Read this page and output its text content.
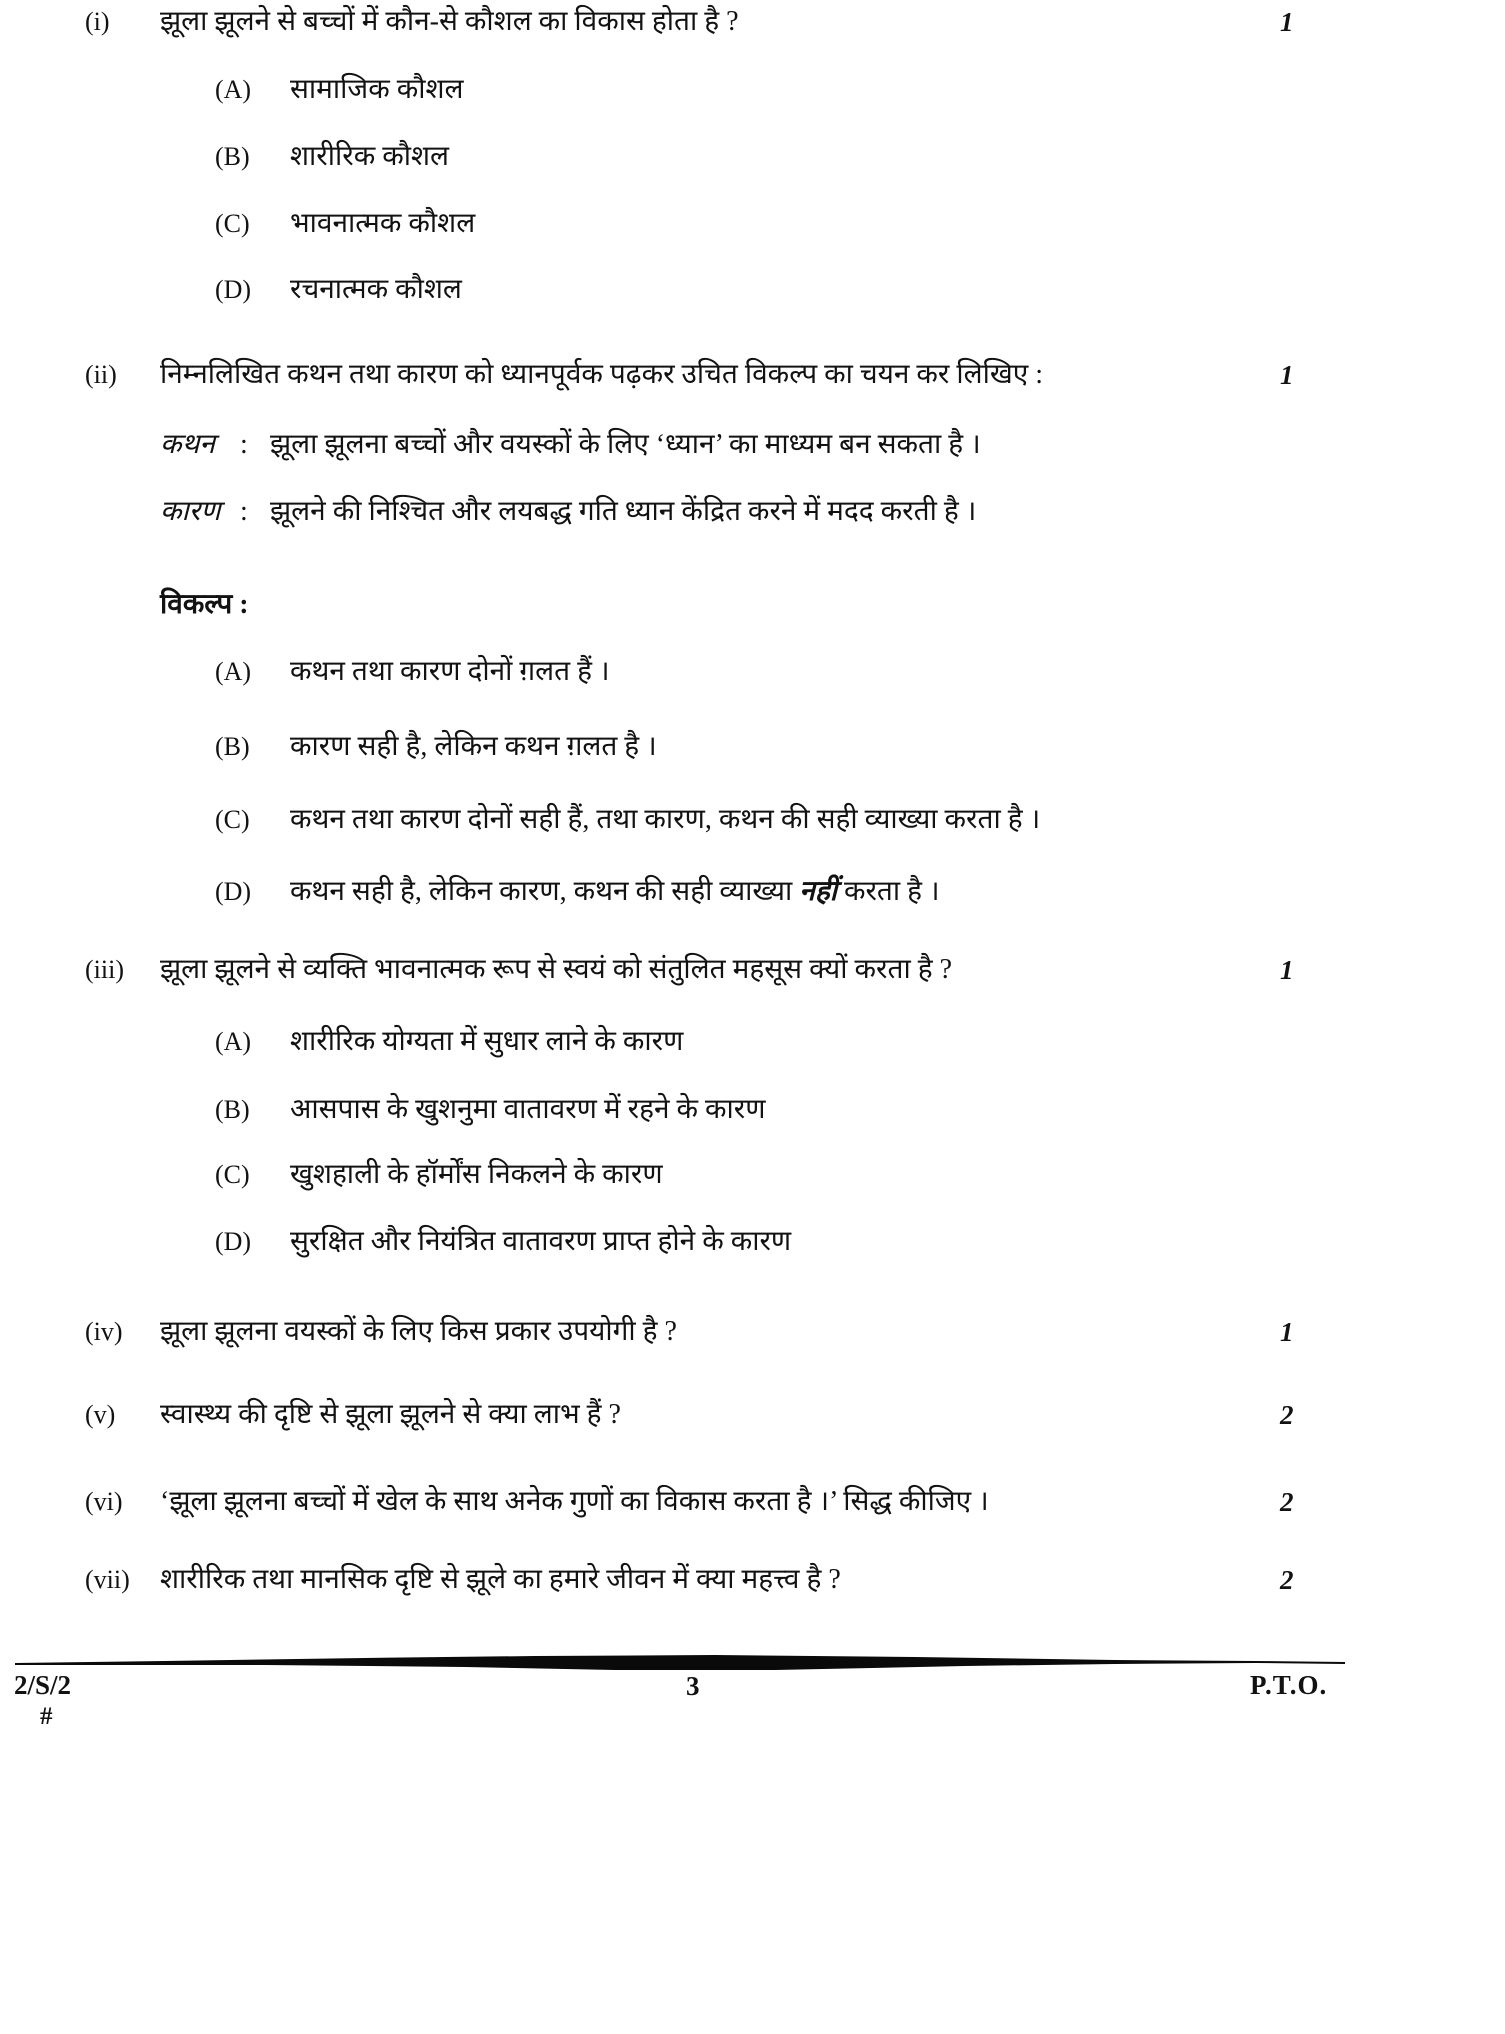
(i)	झूला झूलने से बच्चों में कौन-से कौशल का विकास होता है ?	1
(A)	सामाजिक कौशल
(B)	शारीरिक कौशल
(C)	भावनात्मक कौशल
(D)	रचनात्मक कौशल
(ii)	निम्नलिखित कथन तथा कारण को ध्यानपूर्वक पढ़कर उचित विकल्प का चयन कर लिखिए :	1
कथन : झूला झूलना बच्चों और वयस्कों के लिए ‘ध्यान’ का माध्यम बन सकता है ।
कारण : झूलने की निश्चित और लयबद्ध गति ध्यान केंद्रित करने में मदद करती है ।
विकल्प :
(A)	कथन तथा कारण दोनों ग़लत हैं ।
(B)	कारण सही है, लेकिन कथन ग़लत है ।
(C)	कथन तथा कारण दोनों सही हैं, तथा कारण, कथन की सही व्याख्या करता है ।
(D)	कथन सही है, लेकिन कारण, कथन की सही व्याख्या नहीं करता है ।
(iii)	झूला झूलने से व्यक्ति भावनात्मक रूप से स्वयं को संतुलित महसूस क्यों करता है ?	1
(A)	शारीरिक योग्यता में सुधार लाने के कारण
(B)	आसपास के खुशनुमा वातावरण में रहने के कारण
(C)	खुशहाली के हॉर्मोंस निकलने के कारण
(D)	सुरक्षित और नियंत्रित वातावरण प्राप्त होने के कारण
(iv)	झूला झूलना वयस्कों के लिए किस प्रकार उपयोगी है ?	1
(v)	स्वास्थ्य की दृष्टि से झूला झूलने से क्या लाभ हैं ?	2
(vi)	‘झूला झूलना बच्चों में खेल के साथ अनेक गुणों का विकास करता है ।’ सिद्ध कीजिए ।	2
(vii)	शारीरिक तथा मानसिक दृष्टि से झूले का हमारे जीवन में क्या महत्त्व है ?	2
2/S/2
#
3	P.T.O.
